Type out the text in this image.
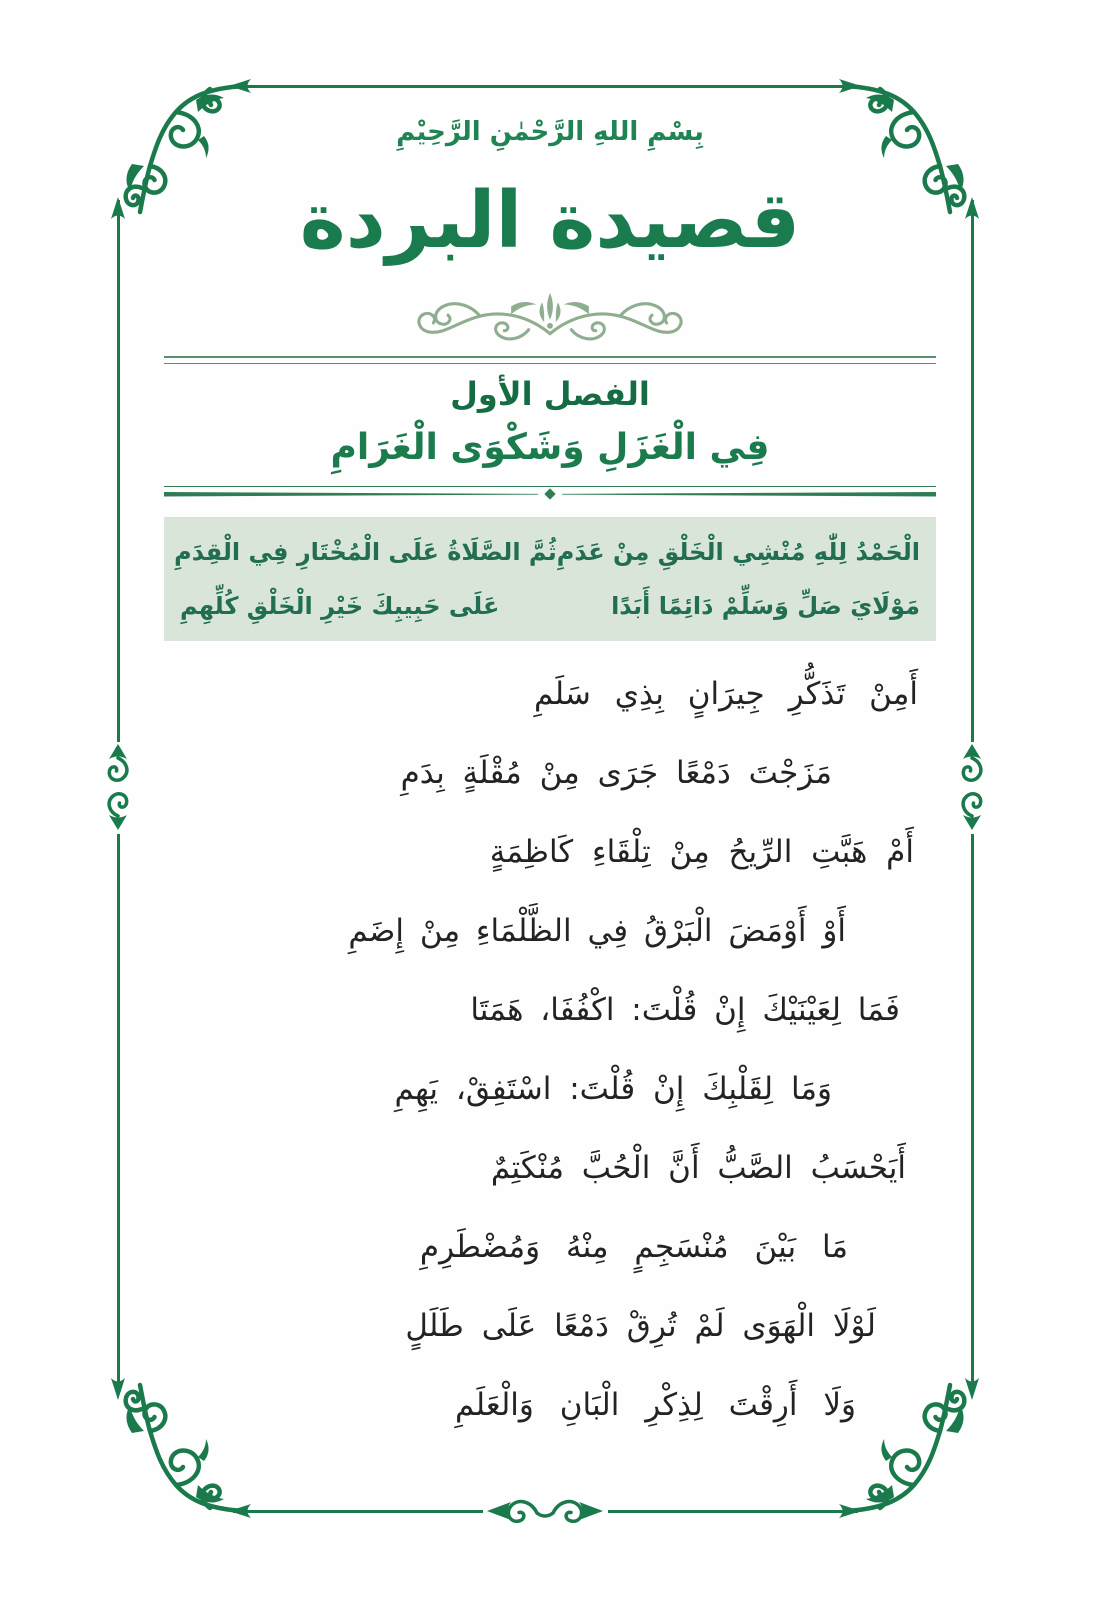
بِسْمِ اللهِ الرَّحْمٰنِ الرَّحِيْمِ
قصيدة البردة
الفصل الأول
فِي الْغَزَلِ وَشَكْوَى الْغَرَامِ
الْحَمْدُ لِلّٰهِ مُنْشِي الْخَلْقِ مِنْ عَدَمِ
ثُمَّ الصَّلَاةُ عَلَى الْمُخْتَارِ فِي الْقِدَمِ
مَوْلَايَ صَلِّ وَسَلِّمْ دَائِمًا أَبَدًا
عَلَى حَبِيبِكَ خَيْرِ الْخَلْقِ كُلِّهِمِ
أَمِنْ تَذَكُّرِ جِيرَانٍ بِذِي سَلَمِ
مَزَجْتَ دَمْعًا جَرَى مِنْ مُقْلَةٍ بِدَمِ
أَمْ هَبَّتِ الرِّيحُ مِنْ تِلْقَاءِ كَاظِمَةٍ
أَوْ أَوْمَضَ الْبَرْقُ فِي الظَّلْمَاءِ مِنْ إِضَمِ
فَمَا لِعَيْنَيْكَ إِنْ قُلْتَ: اكْفُفَا، هَمَتَا
وَمَا لِقَلْبِكَ إِنْ قُلْتَ: اسْتَفِقْ، يَهِمِ
أَيَحْسَبُ الصَّبُّ أَنَّ الْحُبَّ مُنْكَتِمٌ
مَا بَيْنَ مُنْسَجِمٍ مِنْهُ وَمُضْطَرِمِ
لَوْلَا الْهَوَى لَمْ تُرِقْ دَمْعًا عَلَى طَلَلٍ
وَلَا أَرِقْتَ لِذِكْرِ الْبَانِ وَالْعَلَمِ
